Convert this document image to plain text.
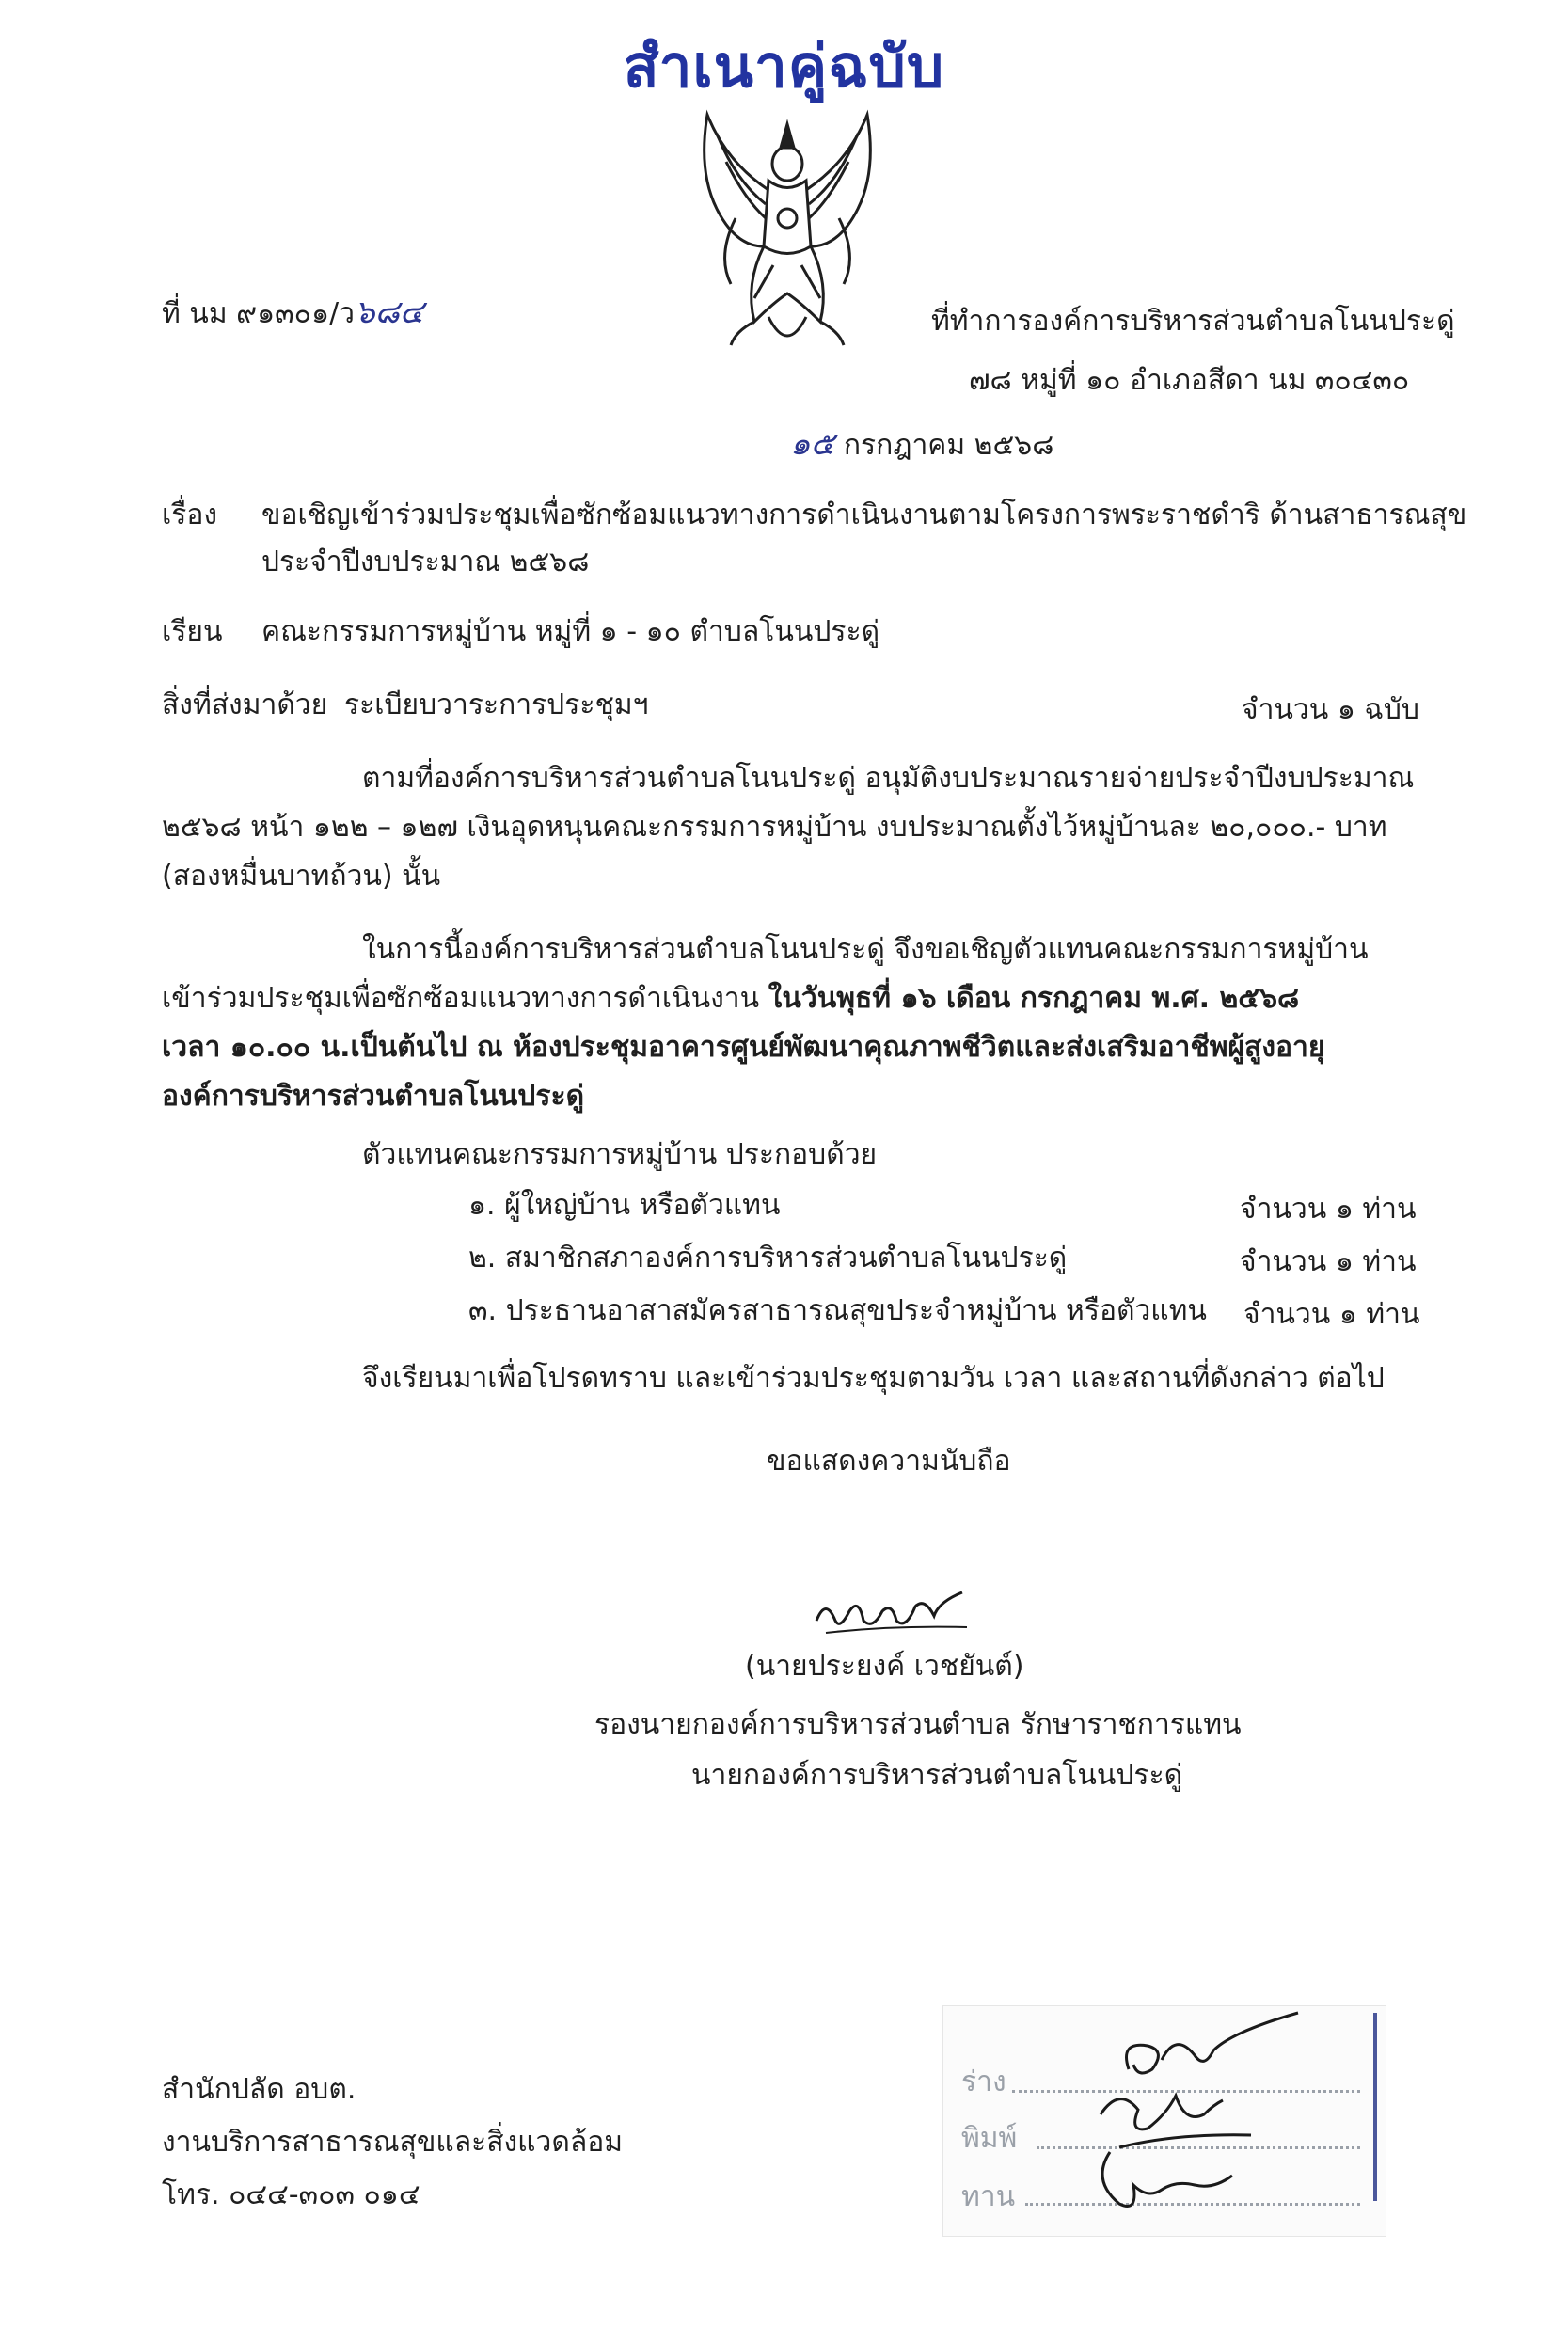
สำเนาคู่ฉบับ
ที่ นม ๙๑๓๐๑/ว๖๘๔	ที่ทำการองค์การบริหารส่วนตำบลโนนประดู่
๗๘ หมู่ที่ ๑๐ อำเภอสีดา นม ๓๐๔๓๐
๑๕ กรกฎาคม ๒๕๖๘
เรื่อง ขอเชิญเข้าร่วมประชุมเพื่อซักซ้อมแนวทางการดำเนินงานตามโครงการพระราชดำริ ด้านสาธารณสุข
ประจำปีงบประมาณ ๒๕๖๘
เรียน คณะกรรมการหมู่บ้าน หมู่ที่ ๑ - ๑๐ ตำบลโนนประดู่
สิ่งที่ส่งมาด้วย ระเบียบวาระการประชุมฯ	จำนวน ๑ ฉบับ
ตามที่องค์การบริหารส่วนตำบลโนนประดู่ อนุมัติงบประมาณรายจ่ายประจำปีงบประมาณ
๒๕๖๘ หน้า ๑๒๒ – ๑๒๗ เงินอุดหนุนคณะกรรมการหมู่บ้าน งบประมาณตั้งไว้หมู่บ้านละ ๒๐,๐๐๐.- บาท
(สองหมื่นบาทถ้วน) นั้น
ในการนี้องค์การบริหารส่วนตำบลโนนประดู่ จึงขอเชิญตัวแทนคณะกรรมการหมู่บ้าน
เข้าร่วมประชุมเพื่อซักซ้อมแนวทางการดำเนินงาน ในวันพุธที่ ๑๖ เดือน กรกฎาคม พ.ศ. ๒๕๖๘
เวลา ๑๐.๐๐ น.เป็นต้นไป ณ ห้องประชุมอาคารศูนย์พัฒนาคุณภาพชีวิตและส่งเสริมอาชีพผู้สูงอายุ
องค์การบริหารส่วนตำบลโนนประดู่
ตัวแทนคณะกรรมการหมู่บ้าน ประกอบด้วย
๑. ผู้ใหญ่บ้าน หรือตัวแทน	จำนวน ๑ ท่าน
๒. สมาชิกสภาองค์การบริหารส่วนตำบลโนนประดู่	จำนวน ๑ ท่าน
๓. ประธานอาสาสมัครสาธารณสุขประจำหมู่บ้าน หรือตัวแทน จำนวน ๑ ท่าน
จึงเรียนมาเพื่อโปรดทราบ และเข้าร่วมประชุมตามวัน เวลา และสถานที่ดังกล่าว ต่อไป
ขอแสดงความนับถือ
(นายประยงค์ เวชยันต์)
รองนายกองค์การบริหารส่วนตำบล รักษาราชการแทน
นายกองค์การบริหารส่วนตำบลโนนประดู่
สำนักปลัด อบต.
งานบริการสาธารณสุขและสิ่งแวดล้อม
โทร. ๐๔๔-๓๐๓ ๐๑๔
ร่าง
พิมพ์
ทาน
